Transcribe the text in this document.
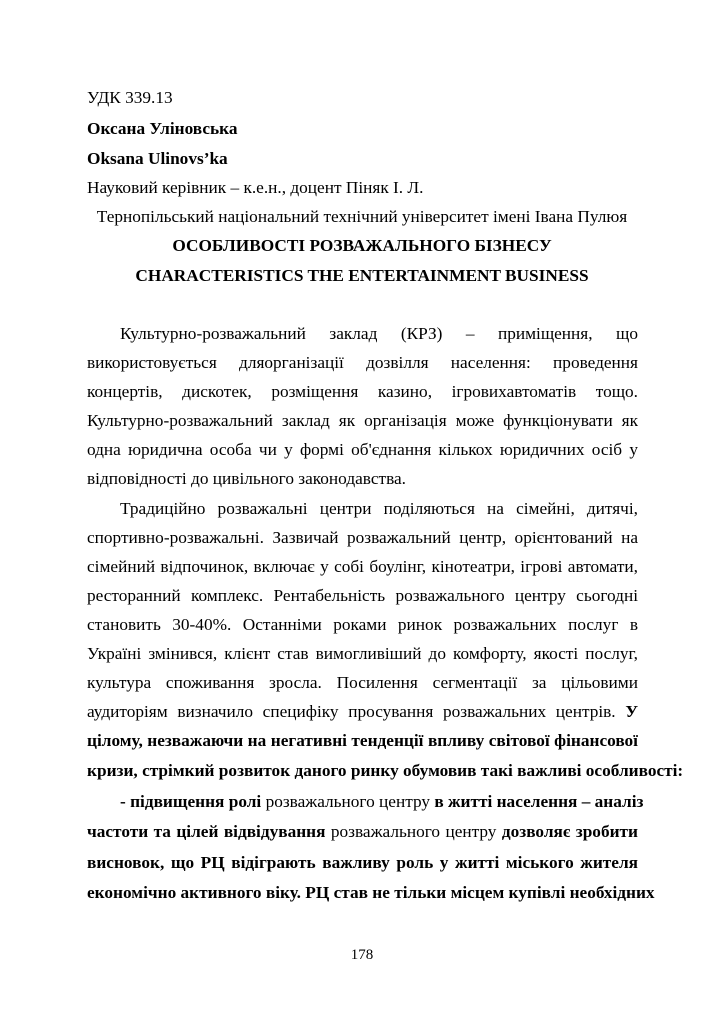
УДК 339.13
Оксана Уліновська
Oksana Ulinovs’ka
Науковий керівник – к.е.н., доцент Піняк І. Л.
Тернопільський національний технічний університет імені Івана Пулюя
ОСОБЛИВОСТІ РОЗВАЖАЛЬНОГО БІЗНЕСУ
CHARACTERISTICS THE ENTERTAINMENT BUSINESS
Культурно-розважальний заклад (КРЗ) – приміщення, що
використовується дляорганізації дозвілля населення: проведення
концертів, дискотек, розміщення казино, ігровихавтоматів тощо.
Культурно-розважальний заклад як організація може функціонувати як
одна юридична особа чи у формі об'єднання кількох юридичних осіб у
відповідності до цивільного законодавства.
Традиційно розважальні центри поділяються на сімейні, дитячі,
спортивно-розважальні. Зазвичай розважальний центр, орієнтований на
сімейний відпочинок, включає у собі боулінг, кінотеатри, ігрові автомати,
ресторанний комплекс. Рентабельність розважального центру сьогодні
становить 30-40%. Останніми роками ринок розважальних послуг в
Україні змінився, клієнт став вимогливіший до комфорту, якості послуг,
культура споживання зросла. Посилення сегментації за цільовими
аудиторіям визначило специфіку просування розважальних центрів. У
цілому, незважаючи на негативні тенденції впливу світової фінансової
кризи, стрімкий розвиток даного ринку обумовив такі важливі особливості:
- підвищення ролі розважального центру в житті населення – аналіз
частоти та цілей відвідування розважального центру дозволяє зробити
висновок, що РЦ відіграють важливу роль у житті міського жителя
економічно активного віку. РЦ став не тільки місцем купівлі необхідних
178
